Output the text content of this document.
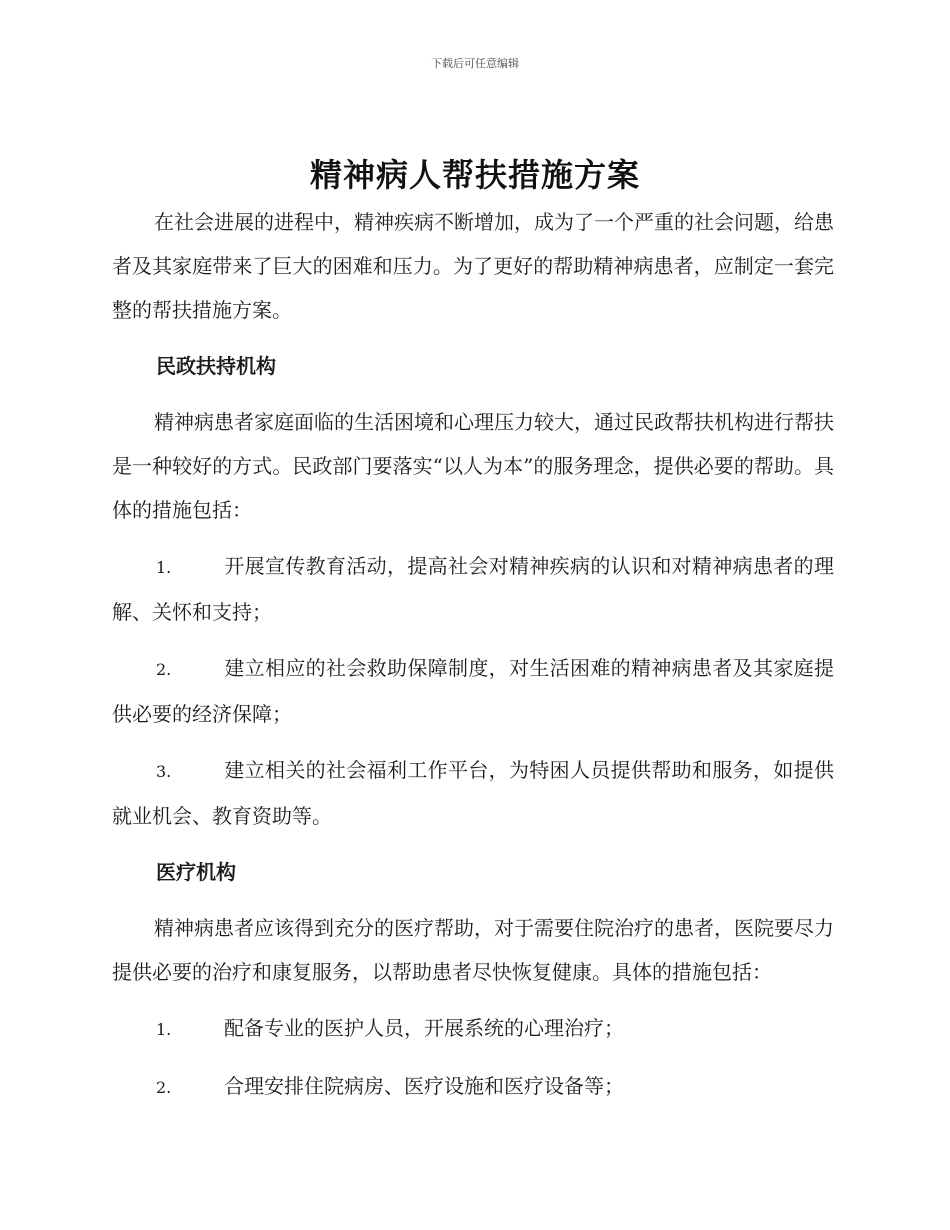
下载后可任意编辑
精神病人帮扶措施方案

在社会进展的进程中，精神疾病不断增加，成为了一个严重的社会问题，给患者及其家庭带来了巨大的困难和压力。为了更好的帮助精神病患者，应制定一套完整的帮扶措施方案。

民政扶持机构

精神病患者家庭面临的生活困境和心理压力较大，通过民政帮扶机构进行帮扶是一种较好的方式。民政部门要落实“以人为本”的服务理念，提供必要的帮助。具体的措施包括：

1.	开展宣传教育活动，提高社会对精神疾病的认识和对精神病患者的理解、关怀和支持；
2.	建立相应的社会救助保障制度，对生活困难的精神病患者及其家庭提供必要的经济保障；
3.	建立相关的社会福利工作平台，为特困人员提供帮助和服务，如提供就业机会、教育资助等。
医疗机构

精神病患者应该得到充分的医疗帮助，对于需要住院治疗的患者，医院要尽力提供必要的治疗和康复服务，以帮助患者尽快恢复健康。具体的措施包括：

1.	配备专业的医护人员，开展系统的心理治疗；
2.	合理安排住院病房、医疗设施和医疗设备等；
